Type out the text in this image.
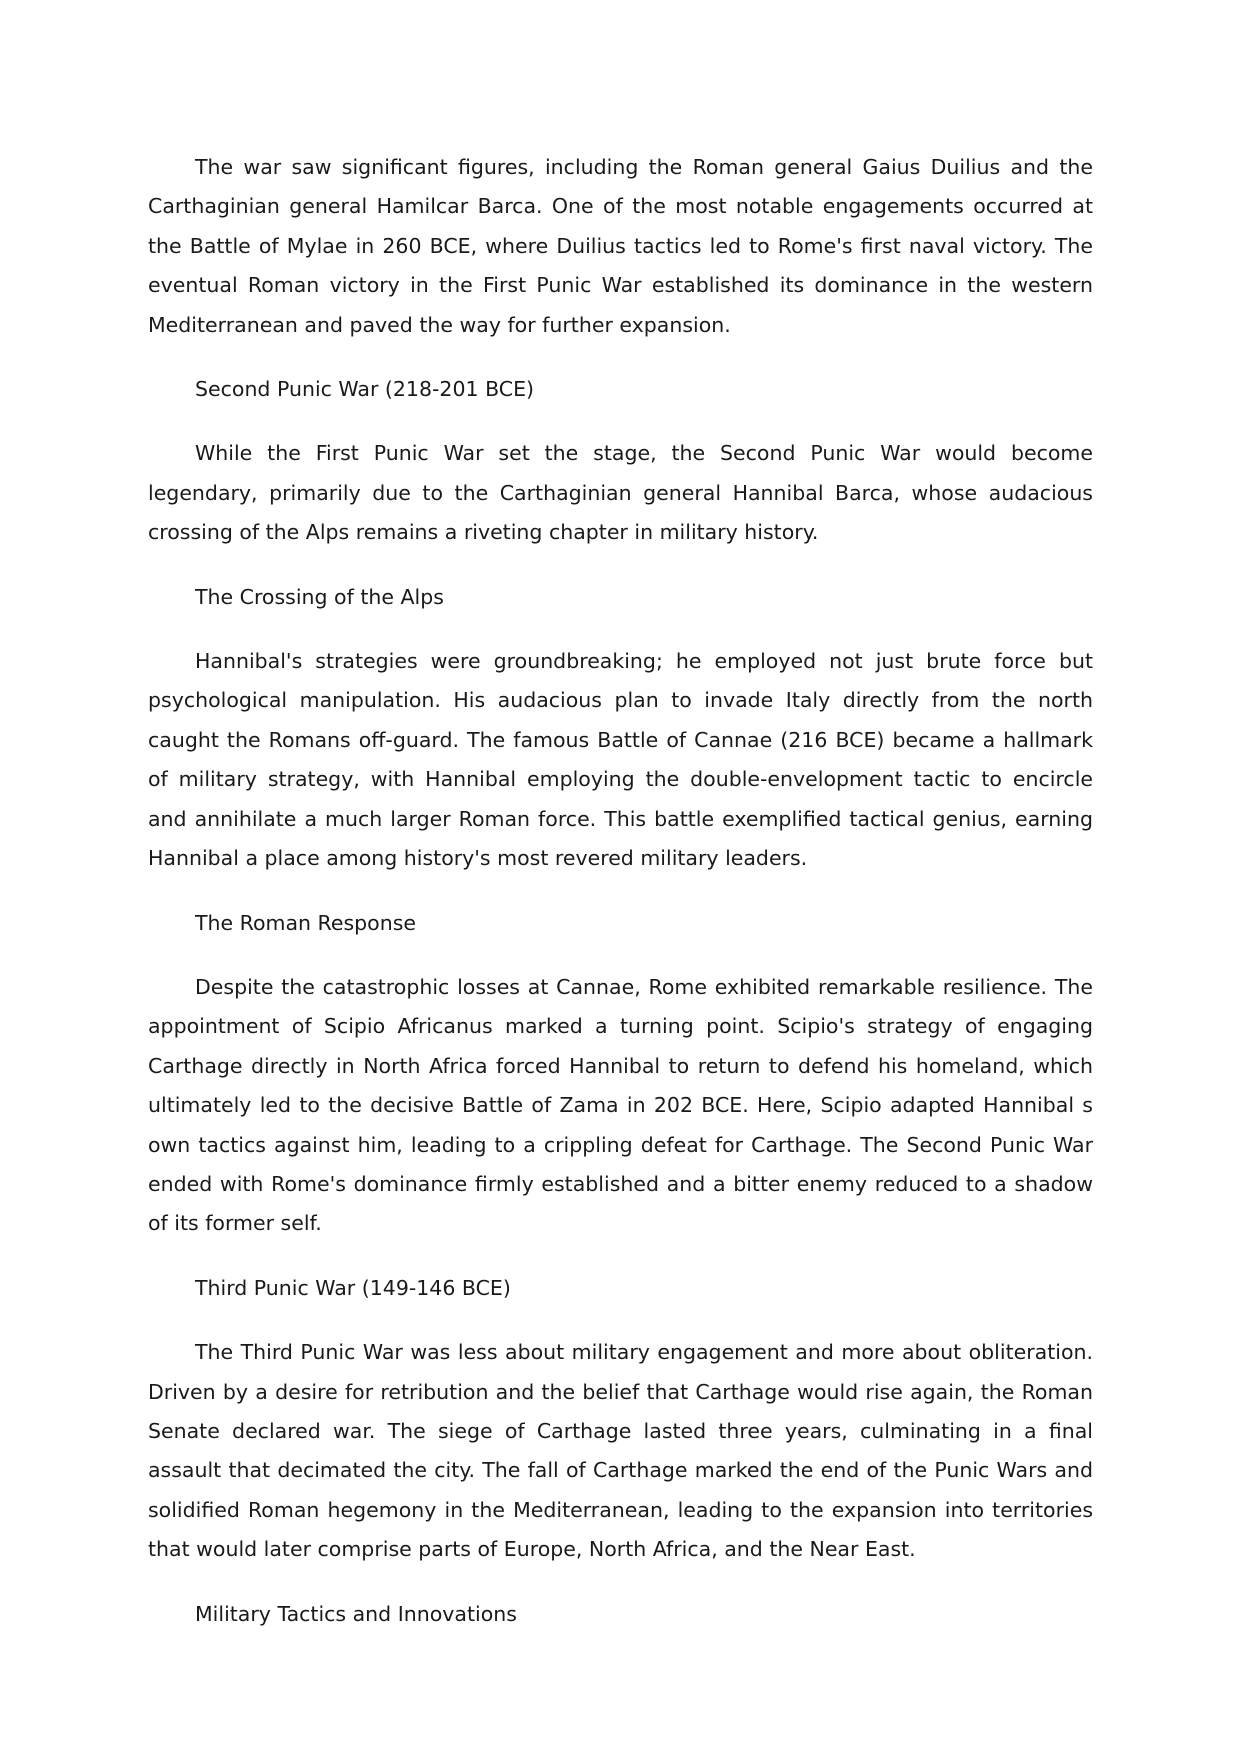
The war saw significant figures, including the Roman general Gaius Duilius and the Carthaginian general Hamilcar Barca. One of the most notable engagements occurred at the Battle of Mylae in 260 BCE, where Duilius tactics led to Rome's first naval victory. The eventual Roman victory in the First Punic War established its dominance in the western Mediterranean and paved the way for further expansion.

Second Punic War (218-201 BCE)

While the First Punic War set the stage, the Second Punic War would become legendary, primarily due to the Carthaginian general Hannibal Barca, whose audacious crossing of the Alps remains a riveting chapter in military history.

The Crossing of the Alps

Hannibal's strategies were groundbreaking; he employed not just brute force but psychological manipulation. His audacious plan to invade Italy directly from the north caught the Romans off-guard. The famous Battle of Cannae (216 BCE) became a hallmark of military strategy, with Hannibal employing the double-envelopment tactic to encircle and annihilate a much larger Roman force. This battle exemplified tactical genius, earning Hannibal a place among history's most revered military leaders.

The Roman Response

Despite the catastrophic losses at Cannae, Rome exhibited remarkable resilience. The appointment of Scipio Africanus marked a turning point. Scipio's strategy of engaging Carthage directly in North Africa forced Hannibal to return to defend his homeland, which ultimately led to the decisive Battle of Zama in 202 BCE. Here, Scipio adapted Hannibal s own tactics against him, leading to a crippling defeat for Carthage. The Second Punic War ended with Rome's dominance firmly established and a bitter enemy reduced to a shadow of its former self.

Third Punic War (149-146 BCE)

The Third Punic War was less about military engagement and more about obliteration. Driven by a desire for retribution and the belief that Carthage would rise again, the Roman Senate declared war. The siege of Carthage lasted three years, culminating in a final assault that decimated the city. The fall of Carthage marked the end of the Punic Wars and solidified Roman hegemony in the Mediterranean, leading to the expansion into territories that would later comprise parts of Europe, North Africa, and the Near East.

Military Tactics and Innovations
